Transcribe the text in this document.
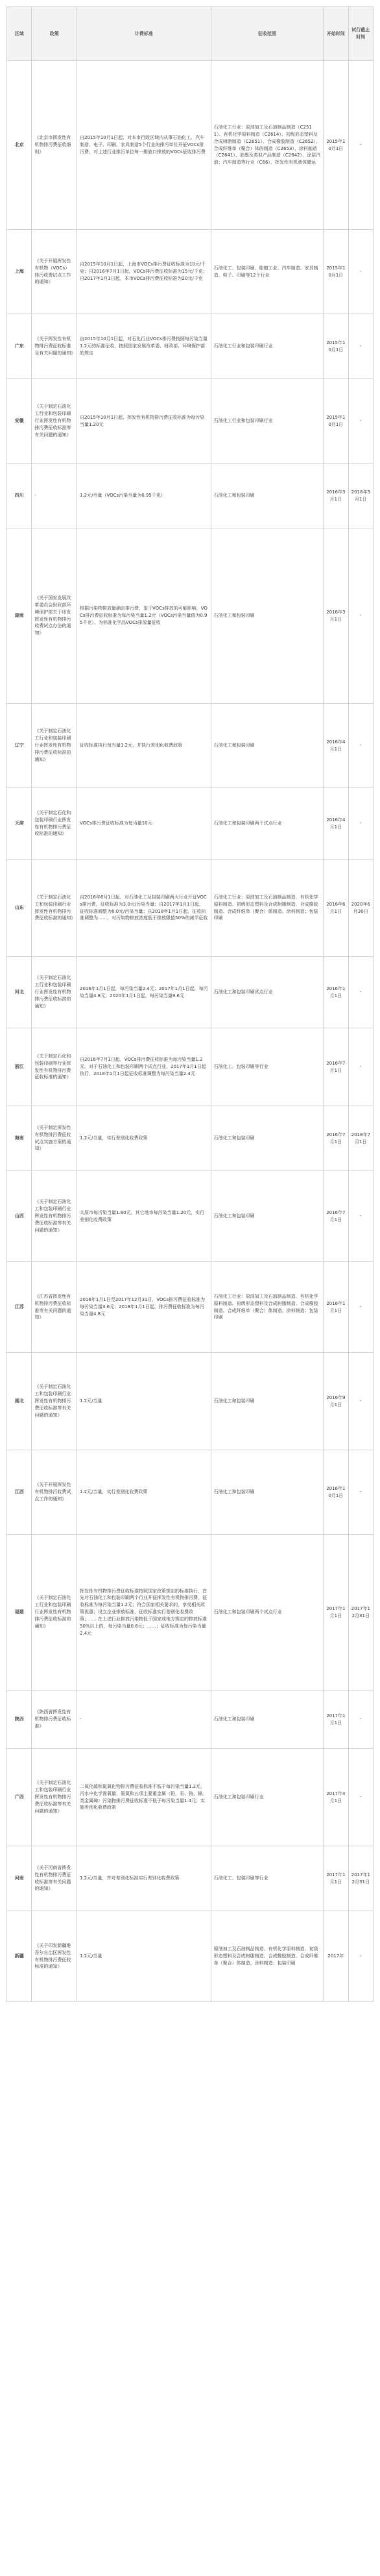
区域	政策	计费标准	征收范围	开始时间	试行截止时间
北京	《北京市挥发性有机物排污费征收细则》	自2015年10月1日起，对本市行政区域内从事石油化工、汽车制造、电子、印刷、家具制造5个行业的排污单位开征VOCs排污费，对上述行业排污单位每一排放口排放的VOCs征收排污费	石油化工行业：原油加工及石油制品制造（C2511）、有机化学原料制造（C2614）、初级形态塑料及合成树脂制造（C2651）、合成橡胶制造（C2652）、合成纤维单（聚合）体的制造（C2653）、涂料制造（C2641）、油墨及类似产品制造（C2642）、涂层汽油；汽车制造等行业（C66）、挥发性有机液体储运	2015年10月1日	-
上海	《关于开展挥发性有机物（VOCs）排污收费试点工作的通知》	自2015年10月1日起，上海市VOCs排污费征收标准为10元/千克；自2016年7月1日起，VOCs排污费征收标准为15元/千克；自2017年1月1日起，本市VOCs排污费征收标准为20元/千克	石油化工、包装印刷、船舶工业、汽车制造、家具制造、电子、印刷等12个行业	2015年10月1日	-
广东	《关于挥发性有机物排污费征收标准及有关问题的通知》	自2015年10月1日起，对石化行业VOCs排污费按照每污染当量1.2元的标准征收，按照国家发展改革委、财政部、环境保护部的规定	石油化工行业和包装印刷行业	2015年10月1日	-
安徽	《关于制定石油化工行业和包装印刷行业挥发性有机物排污费征收标准等有关问题的通知》	自2015年10月1日起，挥发性有机物排污费征收标准为每污染当量1.20元	石油化工行业和包装印刷行业	2015年10月1日	-
四川	-	1.2元/当量（VOCs污染当量为0.95千克）	石油化工和包装印刷	2016年3月1日	2018年3月1日
湖南	《关于国家发展改革委员会财政部环境保护部关于印发挥发性有机物排污收费试点办法的通知》	根据污染物排放量确定排污费，鉴于VOCs排放的可能影响，VOCs排污费征收标准为每污染当量1.2元（VOCs污染当量值为0.95千克），为标准化学品VOCs排放量征收	石油化工和包装印刷	2016年3月1日	-
辽宁	《关于制定石油化工行业和包装印刷行业挥发性有机物排污费征收标准的通知》	征收标准执行每当量1.2元，并执行差别化收费政策	石油化工和包装印刷	2016年4月1日	-
天津	《关于制定石化和包装印刷行业挥发性有机物排污费征收标准的通知》	VOCs排污费征收标准为每当量10元	石油化工和包装印刷两个试点行业	2016年4月1日	-
山东	《关于制定石油化工和包装印刷行业挥发性有机物排污费征收标准的通知》	自2016年6月1日起，对石油化工及包装印刷两大行业开征VOCs排污费，征收标准为3.0元/污染当量；自2017年1月1日起，征收标准调整为6.0元/污染当量；自2018年1月1日起，征收标准调整为……，对污染物排放浓度低于排放限值50%的减半征收	石油化工行业：原油加工及石油制品制造、有机化学原料制造、初级形态塑料及合成树脂制造、合成橡胶制造、合成纤维单（聚合）体制造、涂料制造；包装印刷	2016年6月1日	2020年6月30日
河北	《关于制定石油化工行业和包装印刷行业挥发性有机物排污费征收标准的通知》	2016年1月1日起，每污染当量2.4元；2017年1月1日起，每污染当量4.8元；2020年1月1日起，每污染当量9.6元	石油化工和包装印刷试点行业	2016年1月1日	-
浙江	《关于制定石化和包装印刷等行业挥发性有机物排污费征收标准的通知》	自2016年7月1日起，VOCs排污费征收标准为每污染当量1.2元，对于石油化工和包装印刷两个试点行业，2017年1月1日起执行，2018年1月1日起征收标准调整为每污染当量2.4元	石油化工、包装印刷等行业	2016年7月1日	-
海南	《关于制定挥发性有机物排污费征收试点实施方案的通知》	1.2元/当量，实行差别化收费政策	石油化工和包装印刷	2016年7月1日	2018年7月1日
山西	《关于制定石油化工和包装印刷行业挥发性有机物排污费征收标准等有关问题的通知》	太原市每污染当量1.80元，其它地市每污染当量1.20元，实行差别化收费政策	石油化工和包装印刷	2016年7月1日	-
江苏	《江苏省挥发性有机物排污费征收标准等有关问题的通知》	2016年1月1日至2017年12月31日，VOCs排污费征收标准为每污染当量3.6元；2018年1月1日起，排污费征收标准为每污染当量4.8元	石油化工行业：原油加工及石油制品制造、有机化学原料制造、初级形态塑料及合成树脂制造、合成橡胶制造、合成纤维单（聚合）体制造、涂料制造；包装印刷	2016年1月1日	-
湖北	《关于制定石油化工和包装印刷行业挥发性有机物排污费征收标准等有关问题的通知》	1.2元/当量	石油化工和包装印刷	2016年9月1日	-
江西	《关于开展挥发性有机物排污收费试点工作的通知》	1.2元/当量，实行差别化收费政策	石油化工和包装印刷	2016年10月1日	-
福建	《关于制定石油化工行业和包装印刷行业挥发性有机物排污费征收标准的通知》	挥发性有机物排污费征收标准按照国家政策规定的标准执行，首先对石油化工和包装印刷两个行业开征挥发性有机物排污费，征收标准为每污染当量1.2元；符合国家相关要求的，享受相关政策优惠；设立企业排放标准，征收标准实行差别化收费政策；……在上述行业排放污染物低于国家或地方规定的排放标准50%以上的，每污染当量0.6元；……；征收标准为每污染当量2.4元	石油化工和包装印刷两个试点行业	2017年1月1日	2017年12月31日
陕西	《陕西省挥发性有机物排污费征收标准》	-	石油化工和包装印刷	2017年1月1日	-
广西	《关于制定石油化工和包装印刷行业挥发性有机物排污费征收标准等有关问题的通知》	二氧化硫和氮氧化物排污费征收标准不低于每污染当量1.2元，污水中化学需氧量、氨氮和五项主要重金属（铅、汞、铬、镉、类金属砷）污染物排污费征收标准不低于每污染当量1.4元；实施差别化收费政策	石油化工和包装印刷行业	2017年4月1日	-
河南	《关于河南省挥发性有机物排污费征收标准等有关问题的通知》	1.2元/当量，并对差别化标准实行差别化收费政策	石油化工、包装印刷等行业	2017年1月1日	2017年12月31日
新疆	《关于印发新疆维吾尔自治区挥发性有机物排污费征收标准的通知》	1.2元/当量	原油加工及石油制品制造、有机化学原料制造、初级形态塑料及合成树脂制造、合成橡胶制造、合成纤维单（聚合）体制造、涂料制造；包装印刷	2017年	-
